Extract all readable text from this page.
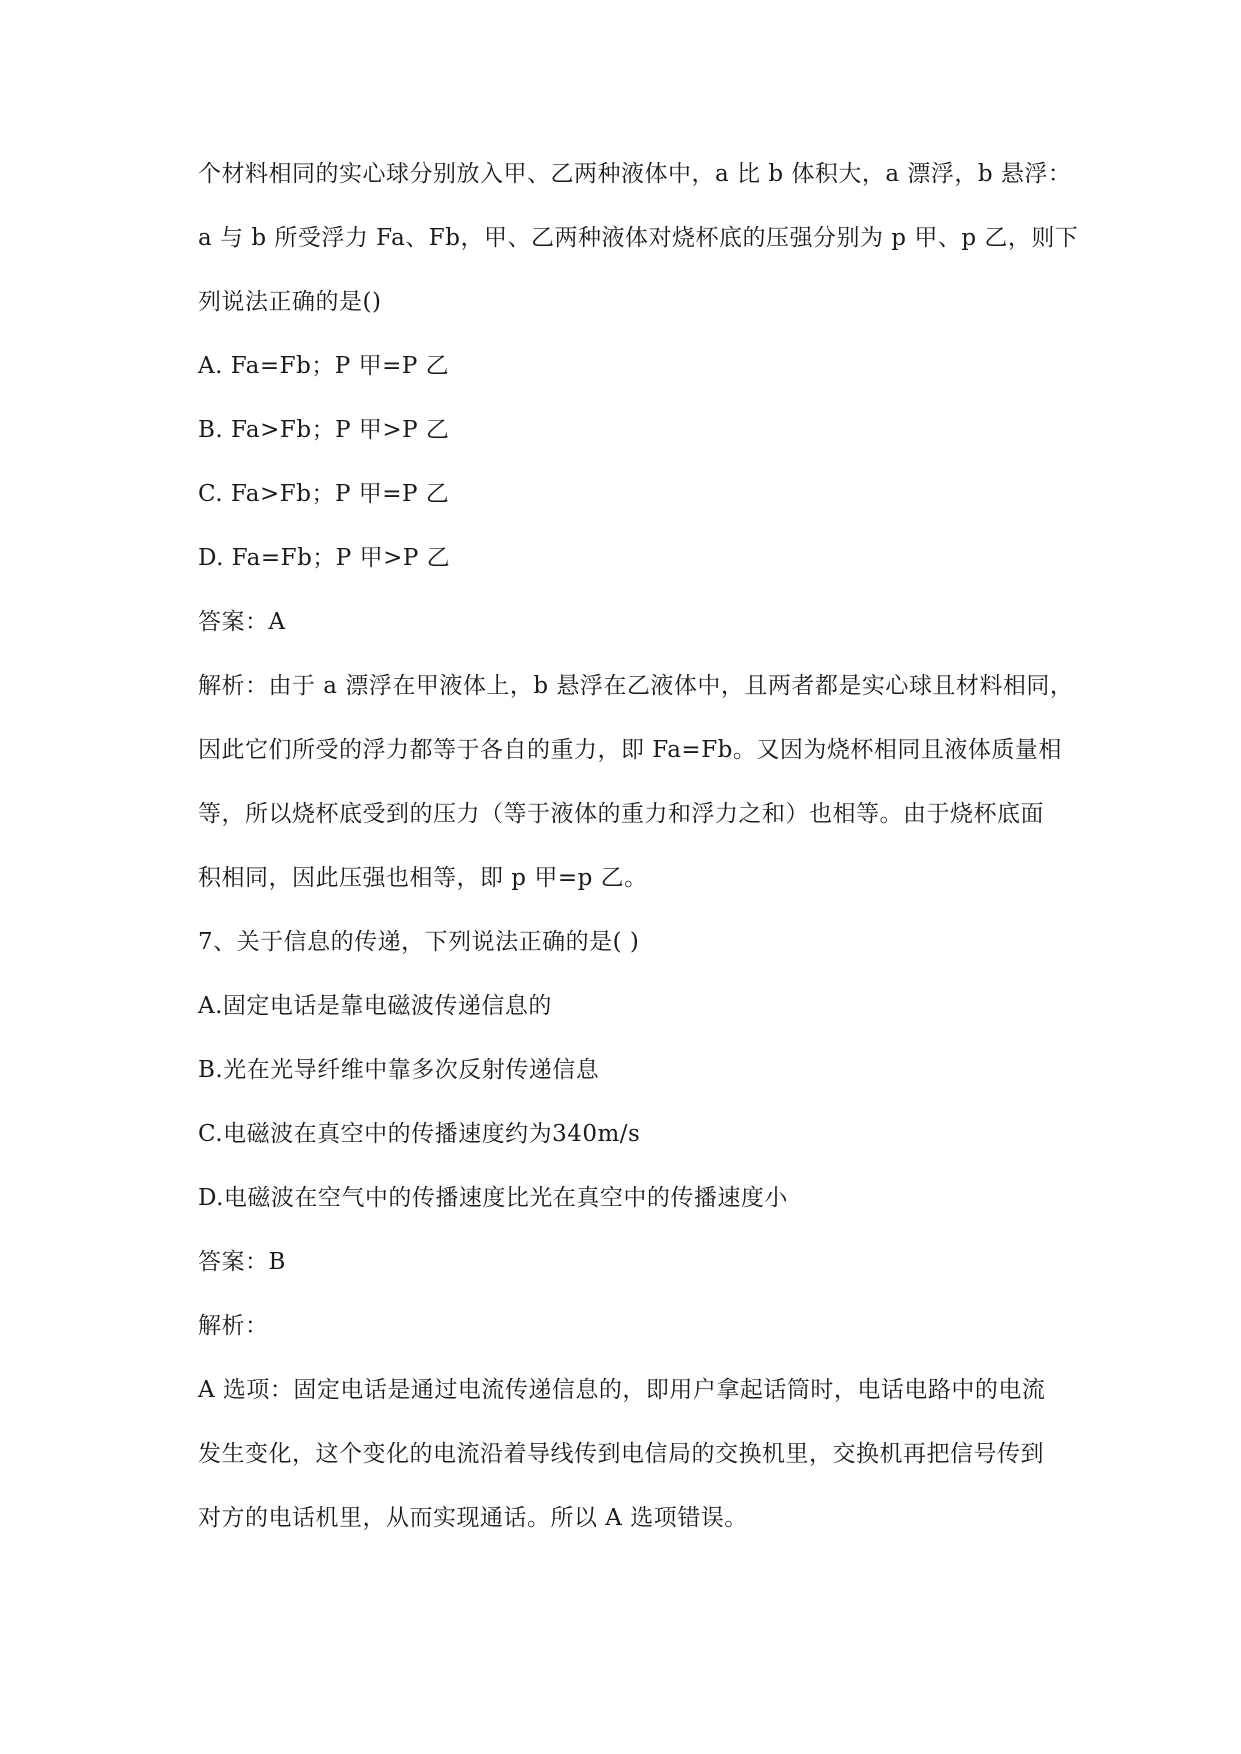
个材料相同的实心球分别放入甲、乙两种液体中，a 比 b 体积大，a 漂浮，b 悬浮：
a 与 b 所受浮力 Fa、Fb，甲、乙两种液体对烧杯底的压强分别为 p 甲、p 乙，则下
列说法正确的是()
A. Fa=Fb；P 甲=P 乙
B. Fa>Fb；P 甲>P 乙
C. Fa>Fb；P 甲=P 乙
D. Fa=Fb；P 甲>P 乙
答案：A
解析：由于 a 漂浮在甲液体上，b 悬浮在乙液体中，且两者都是实心球且材料相同，
因此它们所受的浮力都等于各自的重力，即 Fa=Fb。又因为烧杯相同且液体质量相
等，所以烧杯底受到的压力（等于液体的重力和浮力之和）也相等。由于烧杯底面
积相同，因此压强也相等，即 p 甲=p 乙。
7、关于信息的传递，下列说法正确的是( )
A.固定电话是靠电磁波传递信息的
B.光在光导纤维中靠多次反射传递信息
C.电磁波在真空中的传播速度约为340m/s
D.电磁波在空气中的传播速度比光在真空中的传播速度小
答案：B
解析：
A 选项：固定电话是通过电流传递信息的，即用户拿起话筒时，电话电路中的电流
发生变化，这个变化的电流沿着导线传到电信局的交换机里，交换机再把信号传到
对方的电话机里，从而实现通话。所以 A 选项错误。
